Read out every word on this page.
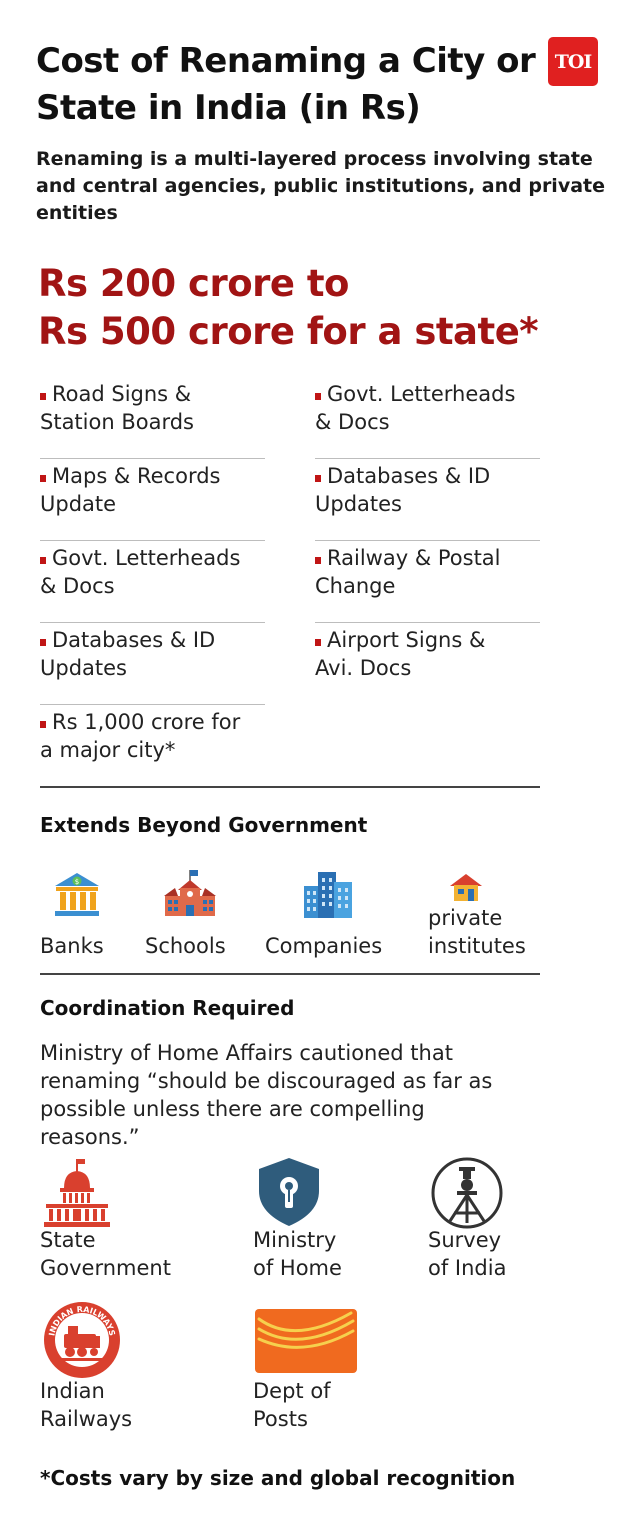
Cost of Renaming a City or State in India (in Rs)
TOI
Renaming is a multi-layered process involving state and central agencies, public institutions, and private entities
Rs 200 crore to
Rs 500 crore for a state*
Road Signs &
Station Boards
Maps & Records
Update
Govt. Letterheads
& Docs
Databases & ID
Updates
Rs 1,000 crore for
a major city*
Govt. Letterheads
& Docs
Databases & ID
Updates
Railway & Postal
Change
Airport Signs &
Avi. Docs
Extends Beyond Government
$
Banks Schools Companies
private
institutes
Coordination Required
Ministry of Home Affairs cautioned that renaming “should be discouraged as far as possible unless there are compelling reasons.”
State
Government
Ministry
of Home
Survey
of India
INDIAN RAILWAYS
Indian
Railways
Dept of
Posts
*Costs vary by size and global recognition
